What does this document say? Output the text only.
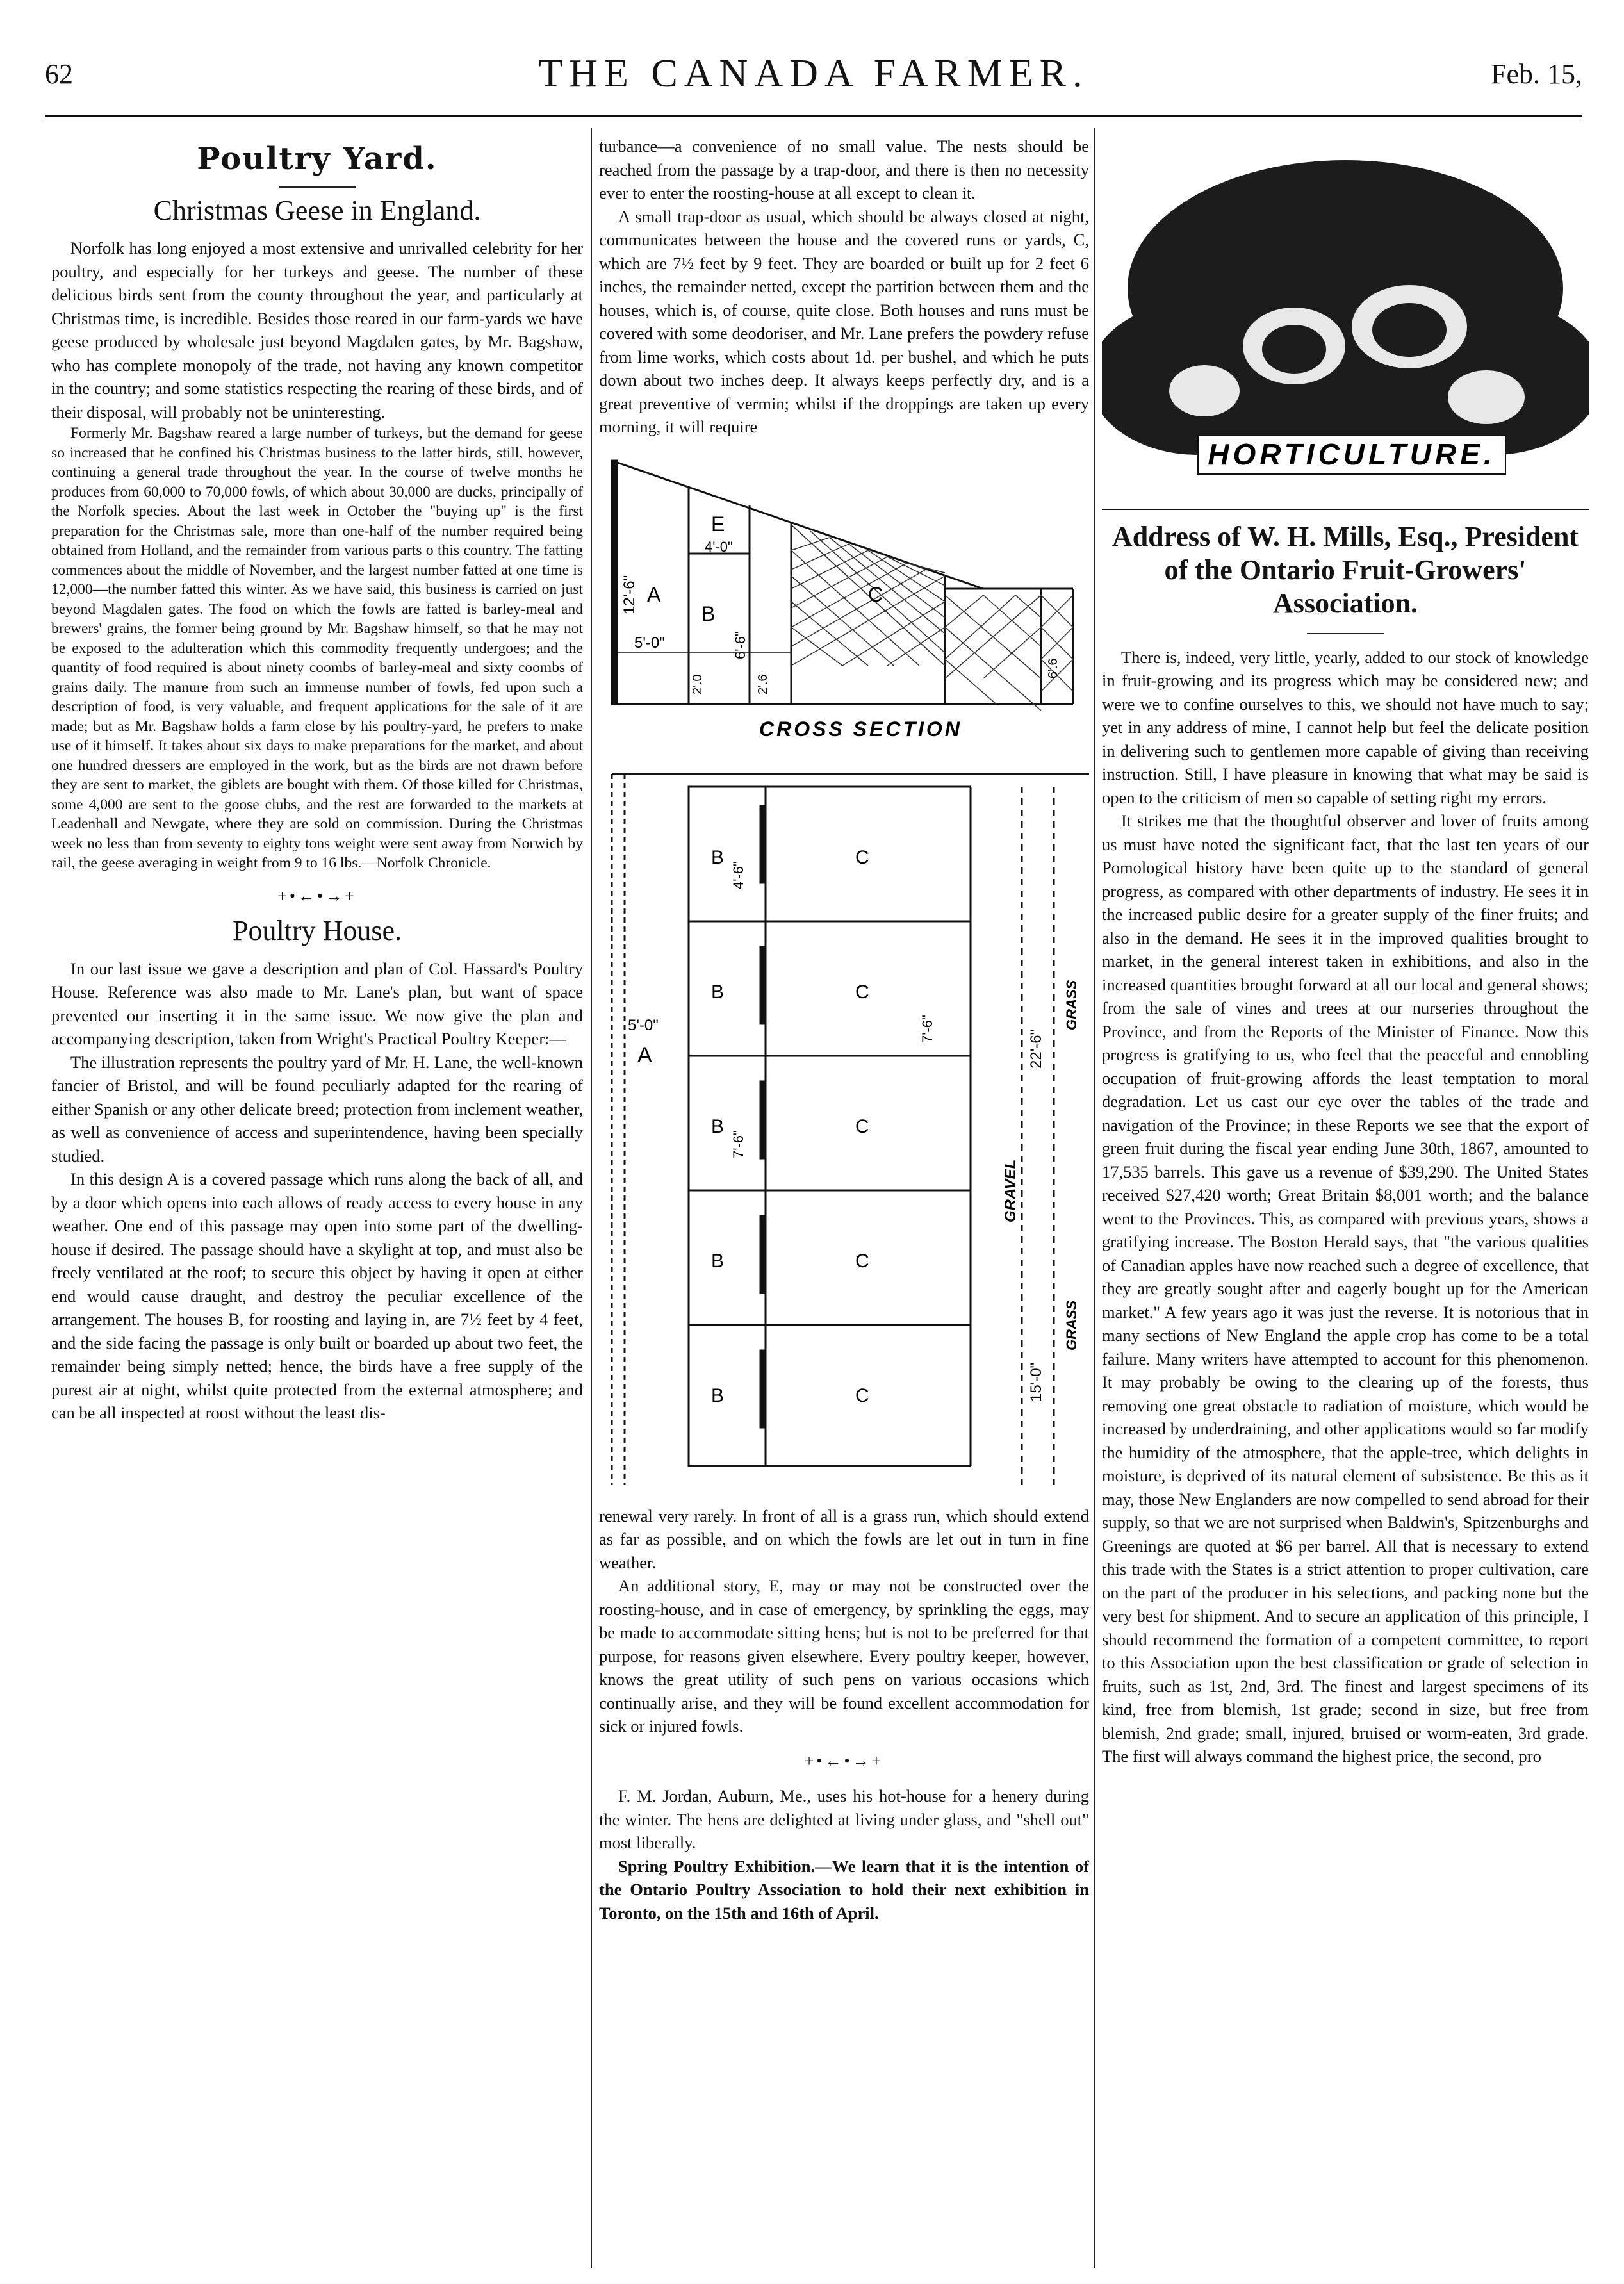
62	THE CANADA FARMER.	Feb. 15,
Poultry Yard.
Christmas Geese in England.

Norfolk has long enjoyed a most extensive and unrivalled celebrity for her poultry, and especially for her turkeys and geese. The number of these delicious birds sent from the county throughout the year, and particularly at Christmas time, is incredible. Besides those reared in our farm-yards we have geese produced by wholesale just beyond Magdalen gates, by Mr. Bagshaw, who has complete monopoly of the trade, not having any known competitor in the country; and some statistics respecting the rearing of these birds, and of their disposal, will probably not be uninteresting.

Formerly Mr. Bagshaw reared a large number of turkeys, but the demand for geese so increased that he confined his Christmas business to the latter birds, still, however, continuing a general trade throughout the year. In the course of twelve months he produces from 60,000 to 70,000 fowls, of which about 30,000 are ducks, principally of the Norfolk species. About the last week in October the "buying up" is the first preparation for the Christmas sale, more than one-half of the number required being obtained from Holland, and the remainder from various parts o this country. The fatting commences about the middle of November, and the largest number fatted at one time is 12,000—the number fatted this winter. As we have said, this business is carried on just beyond Magdalen gates. The food on which the fowls are fatted is barley-meal and brewers' grains, the former being ground by Mr. Bagshaw himself, so that he may not be exposed to the adulteration which this commodity frequently undergoes; and the quantity of food required is about ninety coombs of barley-meal and sixty coombs of grains daily. The manure from such an immense number of fowls, fed upon such a description of food, is very valuable, and frequent applications for the sale of it are made; but as Mr. Bagshaw holds a farm close by his poultry-yard, he prefers to make use of it himself. It takes about six days to make preparations for the market, and about one hundred dressers are employed in the work, but as the birds are not drawn before they are sent to market, the giblets are bought with them. Of those killed for Christmas, some 4,000 are sent to the goose clubs, and the rest are forwarded to the markets at Leadenhall and Newgate, where they are sold on commission. During the Christmas week no less than from seventy to eighty tons weight were sent away from Norwich by rail, the geese averaging in weight from 9 to 16 lbs.—Norfolk Chronicle.

+•←•→+
Poultry House.

In our last issue we gave a description and plan of Col. Hassard's Poultry House. Reference was also made to Mr. Lane's plan, but want of space prevented our inserting it in the same issue. We now give the plan and accompanying description, taken from Wright's Practical Poultry Keeper:—

The illustration represents the poultry yard of Mr. H. Lane, the well-known fancier of Bristol, and will be found peculiarly adapted for the rearing of either Spanish or any other delicate breed; protection from inclement weather, as well as convenience of access and superintendence, having been specially studied.

In this design A is a covered passage which runs along the back of all, and by a door which opens into each allows of ready access to every house in any weather. One end of this passage may open into some part of the dwelling-house if desired. The passage should have a skylight at top, and must also be freely ventilated at the roof; to secure this object by having it open at either end would cause draught, and destroy the peculiar excellence of the arrangement. The houses B, for roosting and laying in, are 7½ feet by 4 feet, and the side facing the passage is only built or boarded up about two feet, the remainder being simply netted; hence, the birds have a free supply of the purest air at night, whilst quite protected from the external atmosphere; and can be all inspected at roost without the least dis-

turbance—a convenience of no small value. The nests should be reached from the passage by a trap-door, and there is then no necessity ever to enter the roosting-house at all except to clean it.

A small trap-door as usual, which should be always closed at night, communicates between the house and the covered runs or yards, C, which are 7½ feet by 9 feet. They are boarded or built up for 2 feet 6 inches, the remainder netted, except the partition between them and the houses, which is, of course, quite close. Both houses and runs must be covered with some deodoriser, and Mr. Lane prefers the powdery refuse from lime works, which costs about 1d. per bushel, and which he puts down about two inches deep. It always keeps perfectly dry, and is a great preventive of vermin; whilst if the droppings are taken up every morning, it will require

A
B
C
E
12'-6"
4'-0"
5'-0"	6'-6"
2'.6
2'.0
6'.6
CROSS SECTION

A
B
B
B
B
B
C
C
C
C
C
4'-6"
5'-0"
7'-6"
22'-6"
7'-6"
15'-0"
GRAVEL
GRASS
GRASS

renewal very rarely. In front of all is a grass run, which should extend as far as possible, and on which the fowls are let out in turn in fine weather.

An additional story, E, may or may not be constructed over the roosting-house, and in case of emergency, by sprinkling the eggs, may be made to accommodate sitting hens; but is not to be preferred for that purpose, for reasons given elsewhere. Every poultry keeper, however, knows the great utility of such pens on various occasions which continually arise, and they will be found excellent accommodation for sick or injured fowls.

+•←•→+

F. M. Jordan, Auburn, Me., uses his hot-house for a henery during the winter. The hens are delighted at living under glass, and "shell out" most liberally.

Spring Poultry Exhibition.—We learn that it is the intention of the Ontario Poultry Association to hold their next exhibition in Toronto, on the 15th and 16th of April.

HORTICULTURE.
Address of W. H. Mills, Esq., President of the Ontario Fruit-Growers' Association.

There is, indeed, very little, yearly, added to our stock of knowledge in fruit-growing and its progress which may be considered new; and were we to confine ourselves to this, we should not have much to say; yet in any address of mine, I cannot help but feel the delicate position in delivering such to gentlemen more capable of giving than receiving instruction. Still, I have pleasure in knowing that what may be said is open to the criticism of men so capable of setting right my errors.

It strikes me that the thoughtful observer and lover of fruits among us must have noted the significant fact, that the last ten years of our Pomological history have been quite up to the standard of general progress, as compared with other departments of industry. He sees it in the increased public desire for a greater supply of the finer fruits; and also in the demand. He sees it in the improved qualities brought to market, in the general interest taken in exhibitions, and also in the increased quantities brought forward at all our local and general shows; from the sale of vines and trees at our nurseries throughout the Province, and from the Reports of the Minister of Finance. Now this progress is gratifying to us, who feel that the peaceful and ennobling occupation of fruit-growing affords the least temptation to moral degradation. Let us cast our eye over the tables of the trade and navigation of the Province; in these Reports we see that the export of green fruit during the fiscal year ending June 30th, 1867, amounted to 17,535 barrels. This gave us a revenue of $39,290. The United States received $27,420 worth; Great Britain $8,001 worth; and the balance went to the Provinces. This, as compared with previous years, shows a gratifying increase. The Boston Herald says, that "the various qualities of Canadian apples have now reached such a degree of excellence, that they are greatly sought after and eagerly bought up for the American market." A few years ago it was just the reverse. It is notorious that in many sections of New England the apple crop has come to be a total failure. Many writers have attempted to account for this phenomenon. It may probably be owing to the clearing up of the forests, thus removing one great obstacle to radiation of moisture, which would be increased by underdraining, and other applications would so far modify the humidity of the atmosphere, that the apple-tree, which delights in moisture, is deprived of its natural element of subsistence. Be this as it may, those New Englanders are now compelled to send abroad for their supply, so that we are not surprised when Baldwin's, Spitzenburghs and Greenings are quoted at $6 per barrel. All that is necessary to extend this trade with the States is a strict attention to proper cultivation, care on the part of the producer in his selections, and packing none but the very best for shipment. And to secure an application of this principle, I should recommend the formation of a competent committee, to report to this Association upon the best classification or grade of selection in fruits, such as 1st, 2nd, 3rd. The finest and largest specimens of its kind, free from blemish, 1st grade; second in size, but free from blemish, 2nd grade; small, injured, bruised or worm-eaten, 3rd grade. The first will always command the highest price, the second, pro
